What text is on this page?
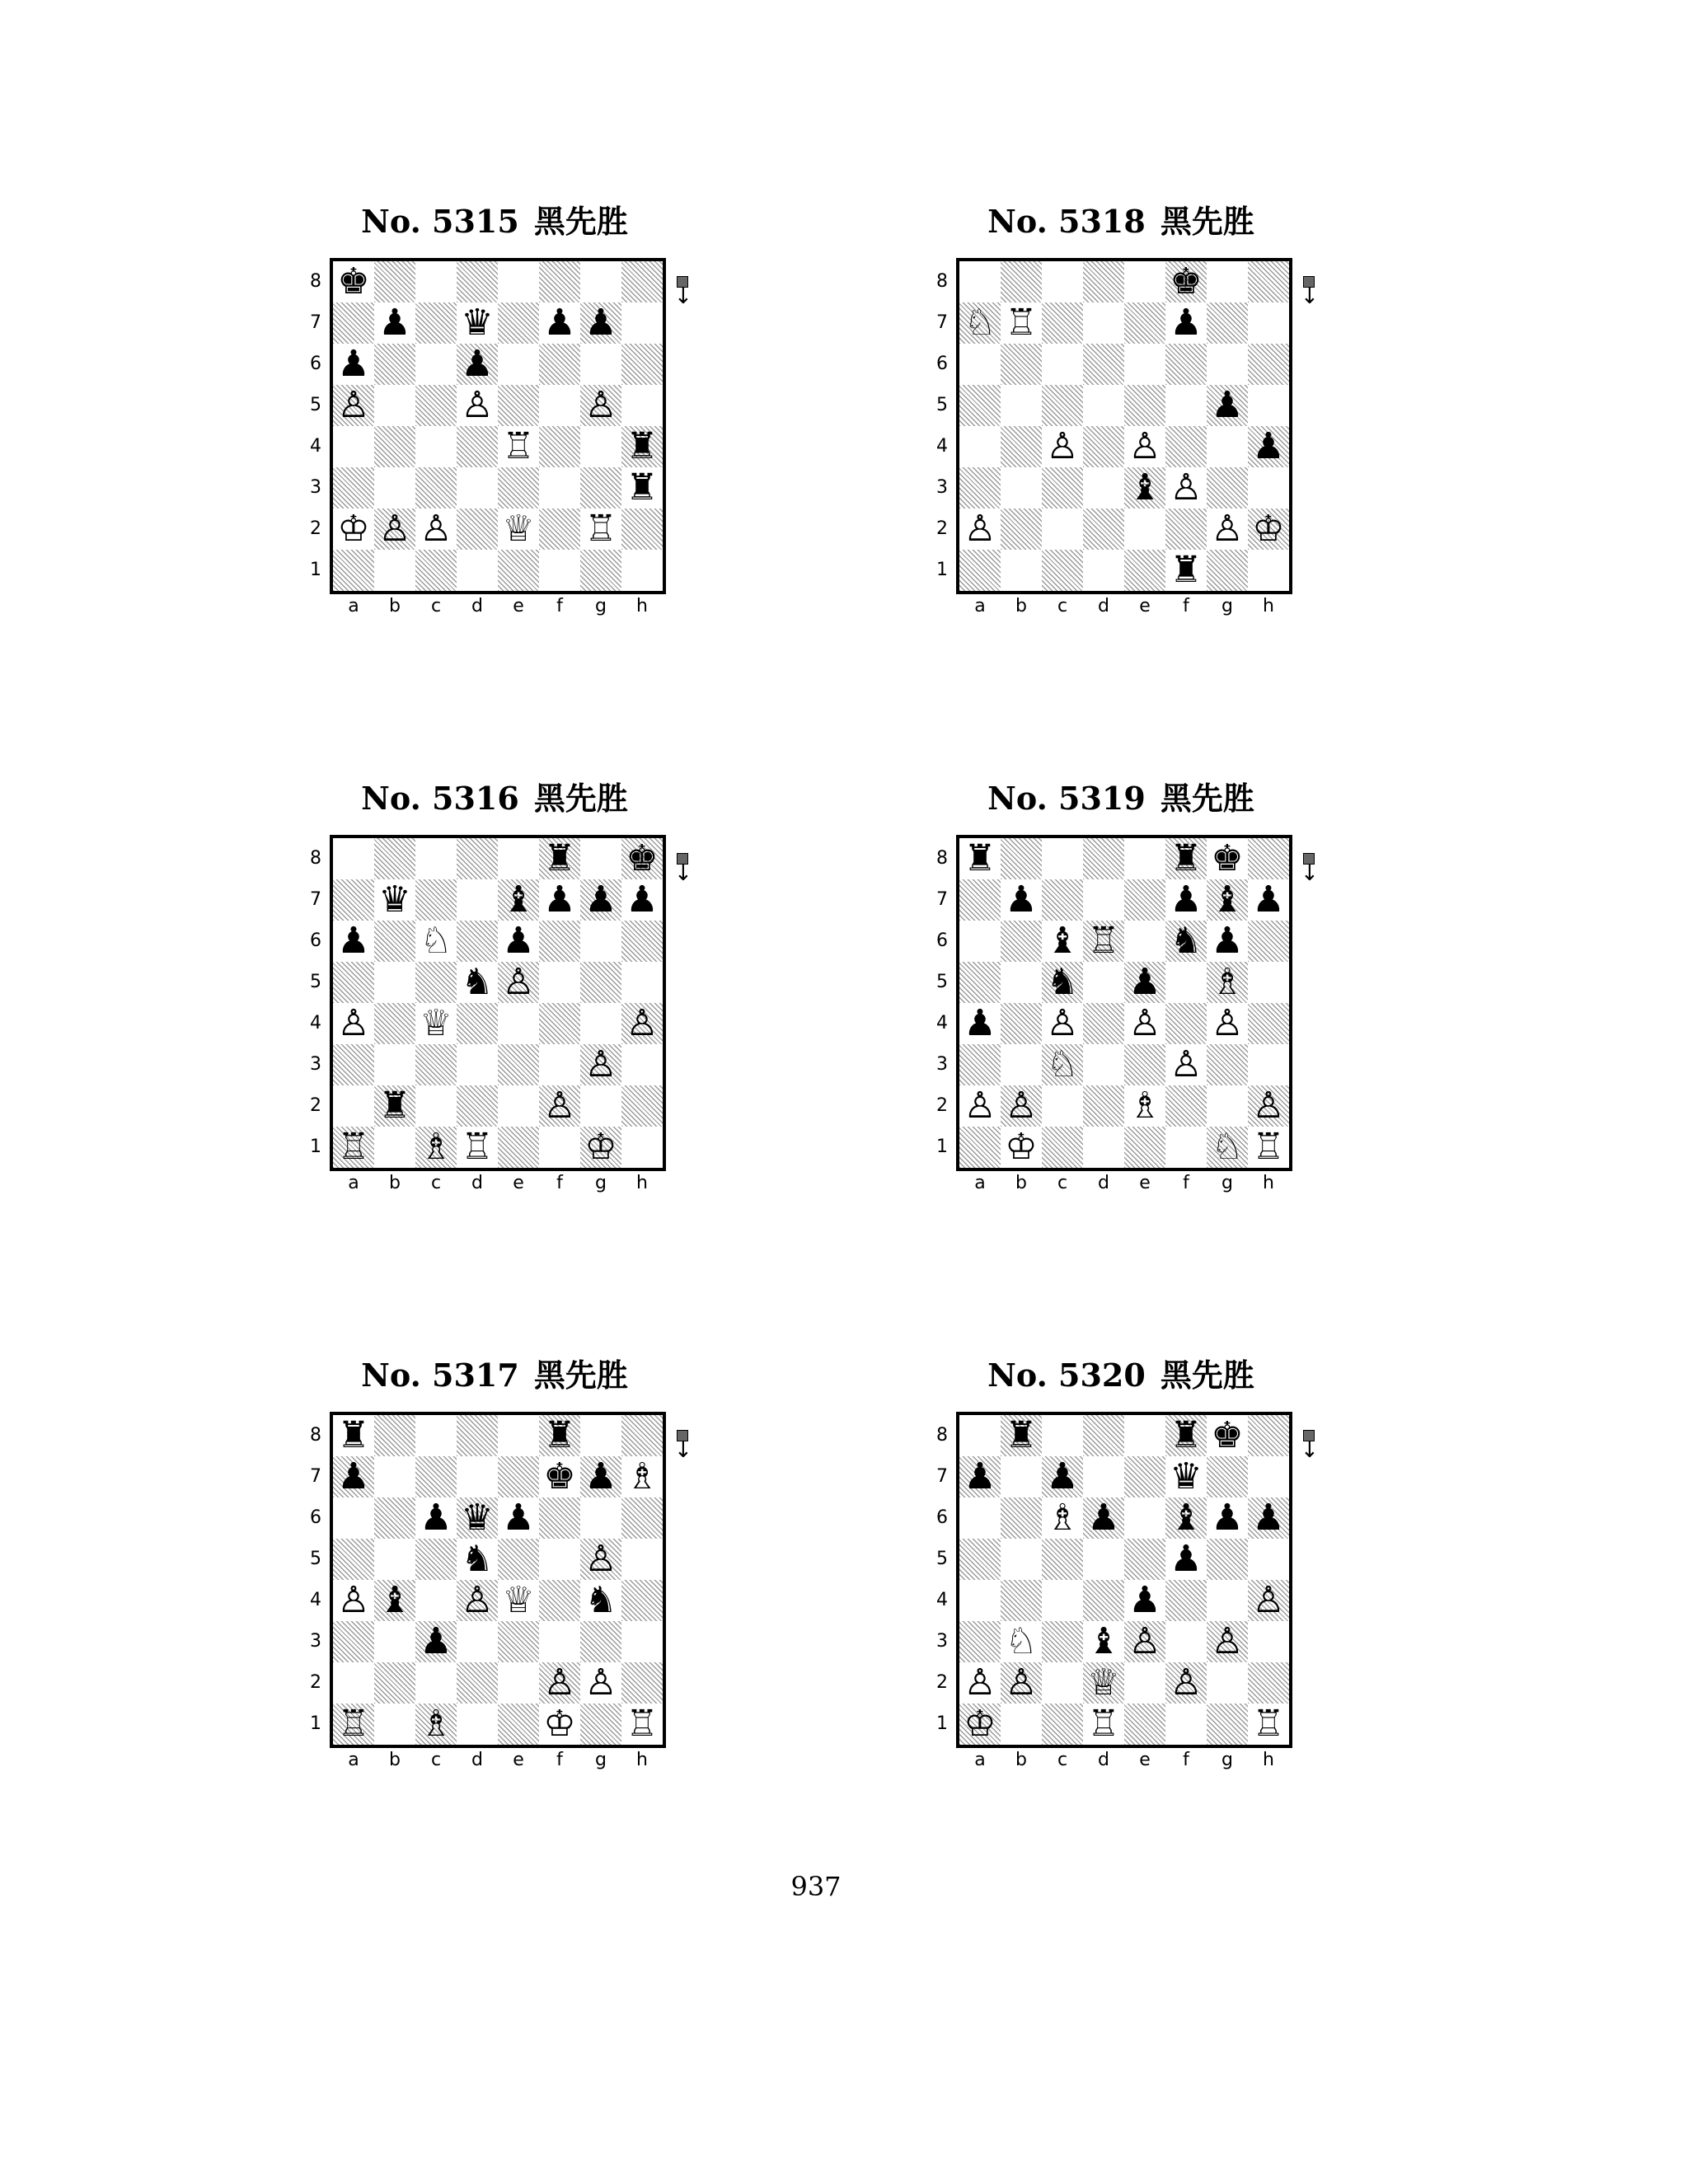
No. 5315 黑先胜
♚
♟ ♛ ♟ ♟
♟	♟
♙	♙	♙
♖	♜
♜
♔ ♙ ♙ ♕ ♖
8
7
6
5
4
3
2
1
a	b	c	d	e	f	g	h
↓
No. 5318 黑先胜
♚
♘ ♖	♟
♟
♙ ♙	♟
♝ ♙
♙	♙ ♔
♜
8
7
6
5
4
3
2
1
a	b	c	d	e	f	g	h
↓
No. 5316 黑先胜
♜ ♚
♛	♝ ♟ ♟ ♟
♟ ♘ ♟
♞ ♙
♙ ♕	♙
♙
♜	♙
♖ ♗ ♖	♔
8
7
6
5
4
3
2
1
a	b	c	d	e	f	g	h
↓
No. 5319 黑先胜
♜	♜ ♚
♟	♟ ♝ ♟
♝ ♖ ♞ ♟
♞ ♟ ♗
♟ ♙ ♙ ♙
♘	♙
♙ ♙	♗	♙
♔	♘ ♖
8
7
6
5
4
3
2
1
a	b	c	d	e	f	g	h
↓
No. 5317 黑先胜
♜	♜
♟	♚ ♟ ♗
♟ ♛ ♟
♞	♙
♙ ♝ ♙ ♕ ♞
♟
♙ ♙
♖ ♗	♔ ♖
8
7
6
5
4
3
2
1
a	b	c	d	e	f	g	h
↓
No. 5320 黑先胜
♜	♜ ♚
♟ ♟	♛
♗ ♟ ♝ ♟ ♟
♟
♟	♙
♘ ♝ ♙ ♙
♙ ♙ ♕ ♙
♔	♖	♖
8
7
6
5
4
3
2
1
a	b	c	d	e	f	g	h
↓
937
